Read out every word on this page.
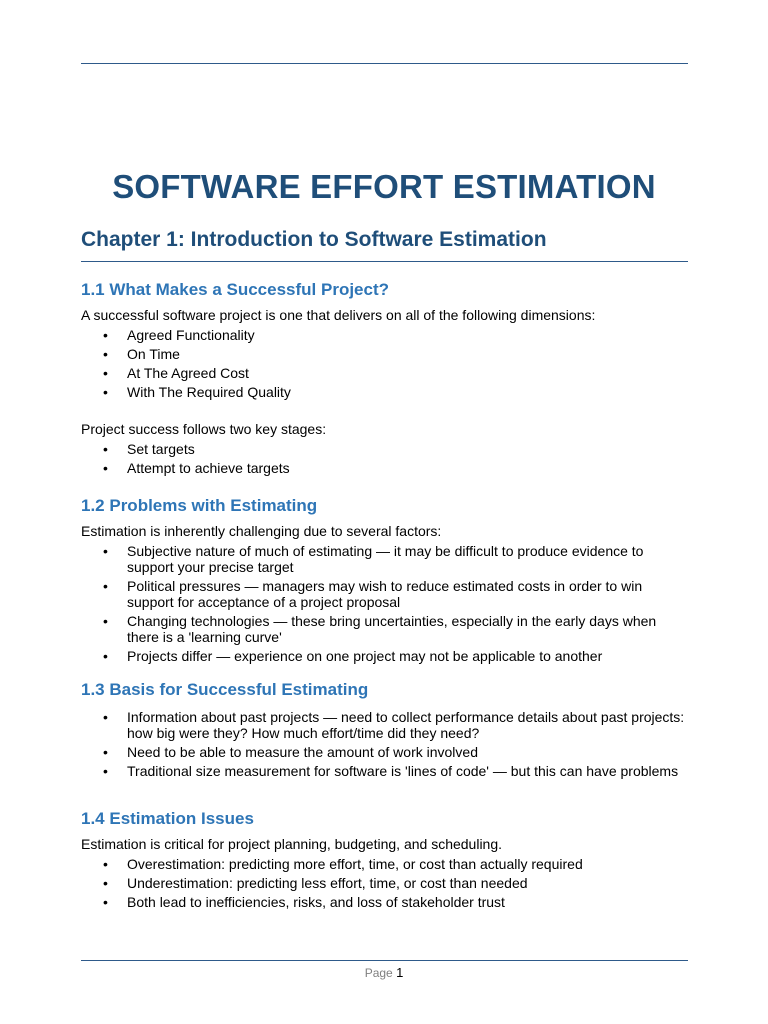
SOFTWARE EFFORT ESTIMATION
Chapter 1: Introduction to Software Estimation
1.1 What Makes a Successful Project?

A successful software project is one that delivers on all of the following dimensions:

• Agreed Functionality
• On Time
• At The Agreed Cost
• With The Required Quality

Project success follows two key stages:

• Set targets
• Attempt to achieve targets
1.2 Problems with Estimating

Estimation is inherently challenging due to several factors:

• Subjective nature of much of estimating — it may be difficult to produce evidence to support your precise target
• Political pressures — managers may wish to reduce estimated costs in order to win support for acceptance of a project proposal
• Changing technologies — these bring uncertainties, especially in the early days when there is a 'learning curve'
• Projects differ — experience on one project may not be applicable to another
1.3 Basis for Successful Estimating
• Information about past projects — need to collect performance details about past projects: how big were they? How much effort/time did they need?
• Need to be able to measure the amount of work involved
• Traditional size measurement for software is 'lines of code' — but this can have problems
1.4 Estimation Issues

Estimation is critical for project planning, budgeting, and scheduling.

• Overestimation: predicting more effort, time, or cost than actually required
• Underestimation: predicting less effort, time, or cost than needed
• Both lead to inefficiencies, risks, and loss of stakeholder trust
Page 1
